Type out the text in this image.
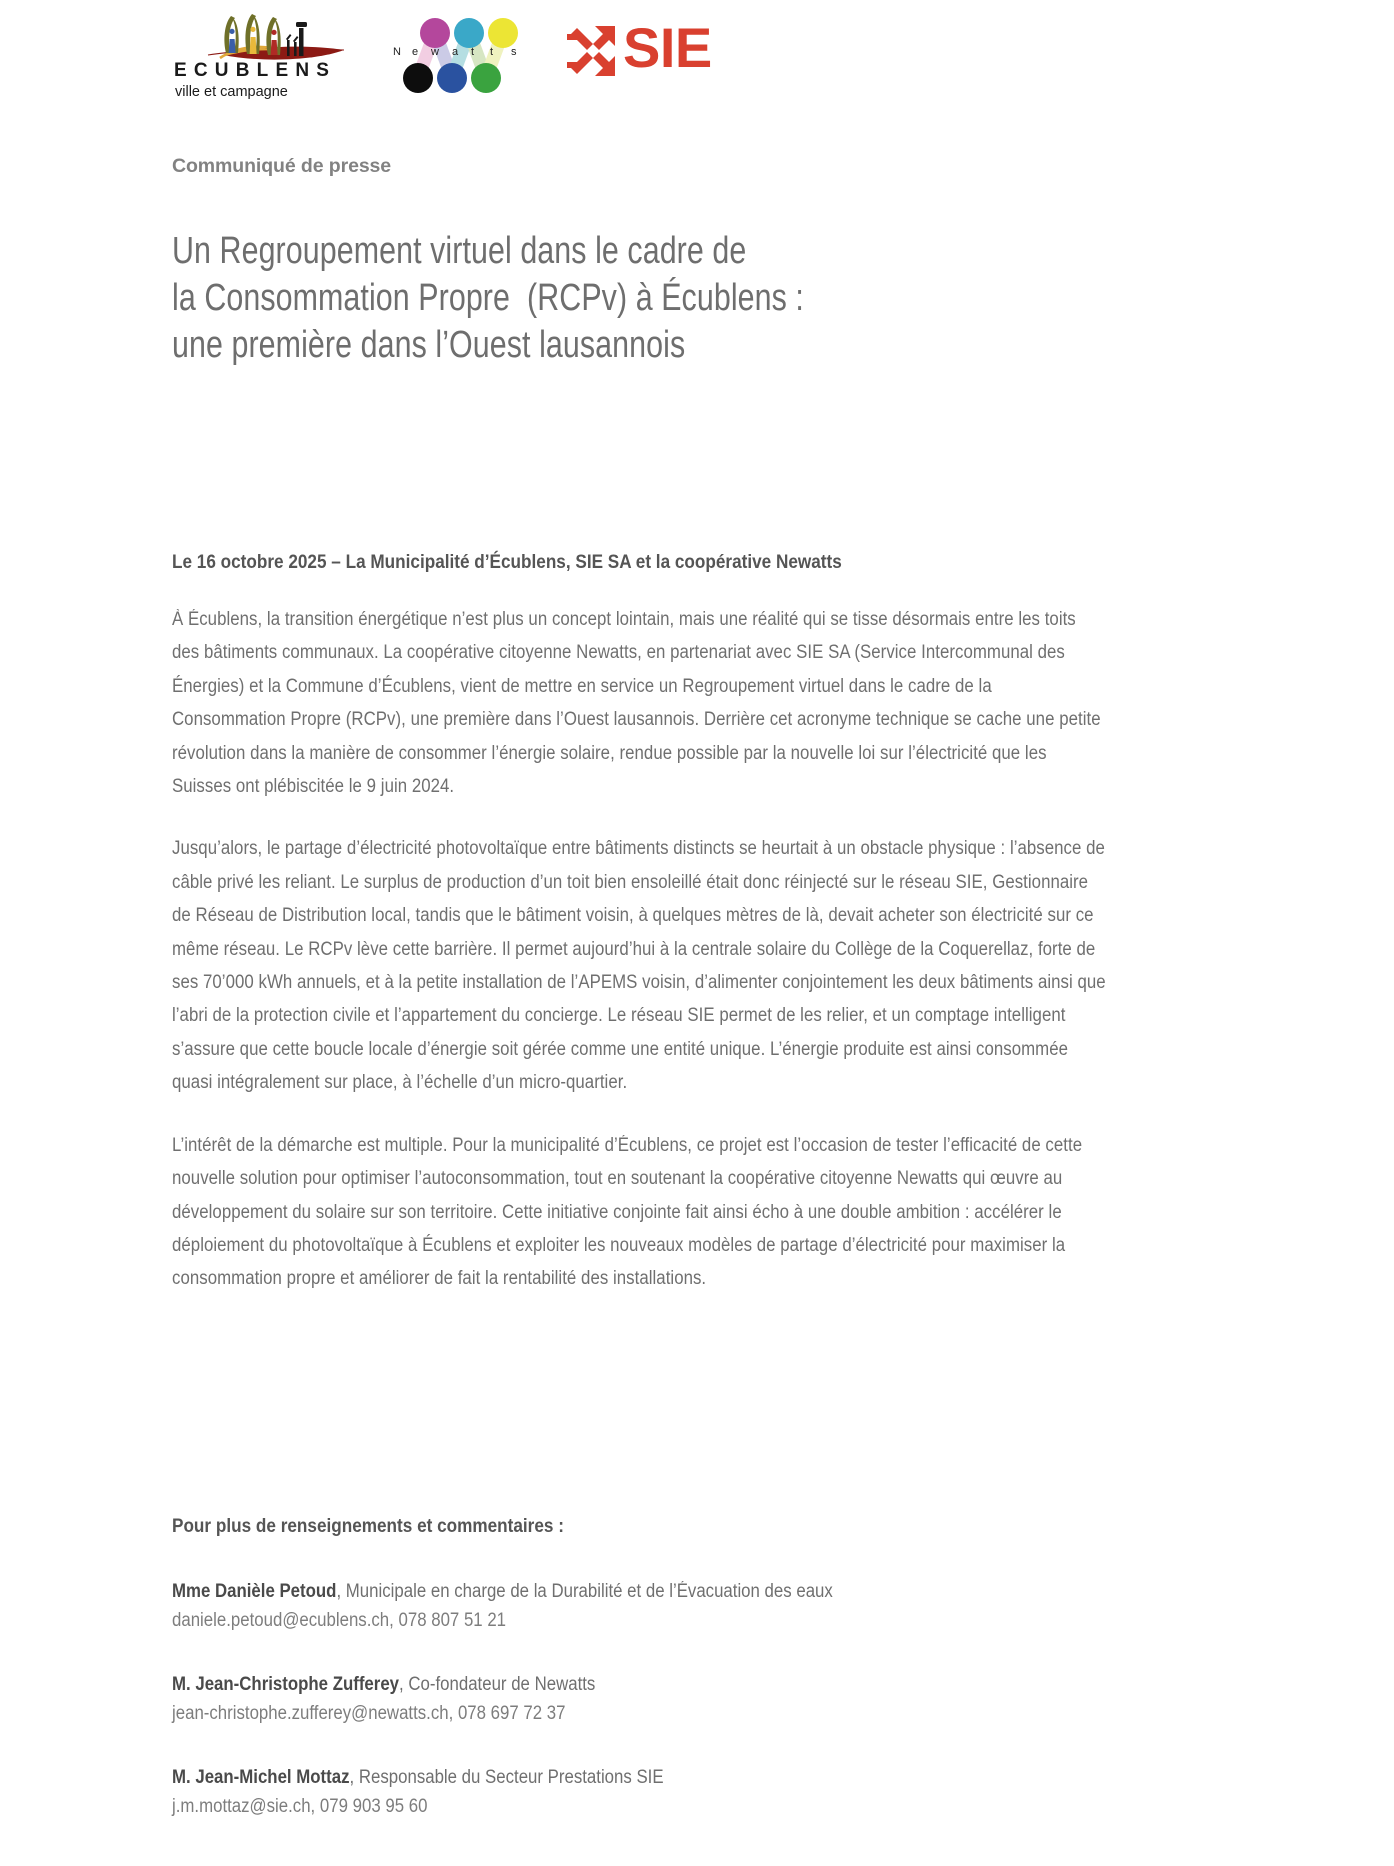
ECUBLENS
ville et campagne
N e w a t t s SIE
Communiqué de presse
Un Regroupement virtuel dans le cadre de
la Consommation Propre  (RCPv) à Écublens :
une première dans l’Ouest lausannois
Le 16 octobre 2025 – La Municipalité d’Écublens, SIE SA et la coopérative Newatts

À Écublens, la transition énergétique n’est plus un concept lointain, mais une réalité qui se tisse désormais entre les toits des bâtiments communaux. La coopérative citoyenne Newatts, en partenariat avec SIE SA (Service Intercommunal des Énergies) et la Commune d’Écublens, vient de mettre en service un Regroupement virtuel dans le cadre de la Consommation Propre (RCPv), une première dans l’Ouest lausannois. Derrière cet acronyme technique se cache une petite révolution dans la manière de consommer l’énergie solaire, rendue possible par la nouvelle loi sur l’électricité que les Suisses ont plébiscitée le 9 juin 2024.

Jusqu’alors, le partage d’électricité photovoltaïque entre bâtiments distincts se heurtait à un obstacle physique : l’absence de câble privé les reliant. Le surplus de production d’un toit bien ensoleillé était donc réinjecté sur le réseau SIE, Gestionnaire de Réseau de Distribution local, tandis que le bâtiment voisin, à quelques mètres de là, devait acheter son électricité sur ce même réseau. Le RCPv lève cette barrière. Il permet aujourd’hui à la centrale solaire du Collège de la Coquerellaz, forte de ses 70’000 kWh annuels, et à la petite installation de l’APEMS voisin, d’alimenter conjointement les deux bâtiments ainsi que l’abri de la protection civile et l’appartement du concierge. Le réseau SIE permet de les relier, et un comptage intelligent s’assure que cette boucle locale d’énergie soit gérée comme une entité unique. L’énergie produite est ainsi consommée quasi intégralement sur place, à l’échelle d’un micro-quartier.

L’intérêt de la démarche est multiple. Pour la municipalité d’Écublens, ce projet est l’occasion de tester l’efficacité de cette nouvelle solution pour optimiser l’autoconsommation, tout en soutenant la coopérative citoyenne Newatts qui œuvre au développement du solaire sur son territoire. Cette initiative conjointe fait ainsi écho à une double ambition : accélérer le déploiement du photovoltaïque à Écublens et exploiter les nouveaux modèles de partage d’électricité pour maximiser la consommation propre et améliorer de fait la rentabilité des installations.

Pour plus de renseignements et commentaires :
Mme Danièle Petoud, Municipale en charge de la Durabilité et de l’Évacuation des eaux
daniele.petoud@ecublens.ch, 078 807 51 21
M. Jean-Christophe Zufferey, Co-fondateur de Newatts
jean-christophe.zufferey@newatts.ch, 078 697 72 37
M. Jean-Michel Mottaz, Responsable du Secteur Prestations SIE
j.m.mottaz@sie.ch, 079 903 95 60
